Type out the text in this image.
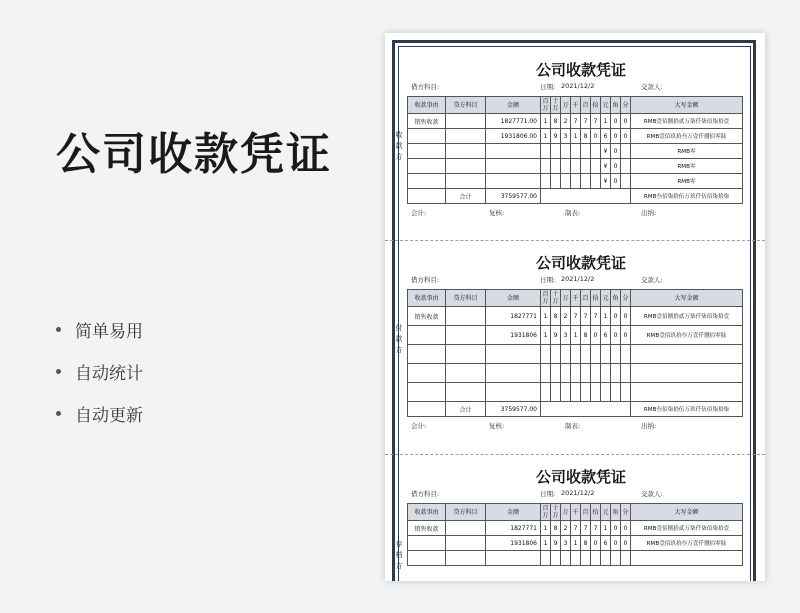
公司收款凭证
简单易用
自动统计
自动更新
公司收款凭证
借方科目:	日期: 2021/12/2	交款人:
收
款
方
收款事由	贷方科目	金额	百万	十万	万	千	百	拾	元	角	分	大写金额
销售收款		1827771.00	1	8	2	7	7	7	1	0	0	RMB壹佰捌拾贰万柒仟柒佰柒拾壹
		1931806.00	1	9	3	1	8	0	6	0	0	RMB壹佰玖拾叁万壹仟捌佰零陆
									¥	0		RMB零
									¥	0		RMB零
									¥	0		RMB零
	合计	3759577.00										RMB叁佰柒拾伍万玖仟伍佰柒拾柒
会计:	复核:	制表:	出纳:
公司收款凭证
借方科目:	日期: 2021/12/2	交款人:
付
款
方
收款事由	贷方科目	金额	百万	十万	万	千	百	拾	元	角	分	大写金额
销售收款		1827771	1	8	2	7	7	7	1	0	0	RMB壹佰捌拾贰万柒仟柒佰柒拾壹
		1931806	1	9	3	1	8	0	6	0	0	RMB壹佰玖拾叁万壹仟捌佰零陆

	合计	3759577.00										RMB叁佰柒拾伍万玖仟伍佰柒拾柒
会计:	复核:	制表:	出纳:
公司收款凭证
借方科目:	日期: 2021/12/2	交款人:
存
档
方
收款事由	贷方科目	金额	百万	十万	万	千	百	拾	元	角	分	大写金额
销售收款		1827771	1	8	2	7	7	7	1	0	0	RMB壹佰捌拾贰万柒仟柒佰柒拾壹
		1931806	1	9	3	1	8	0	6	0	0	RMB壹佰玖拾叁万壹仟捌佰零陆
